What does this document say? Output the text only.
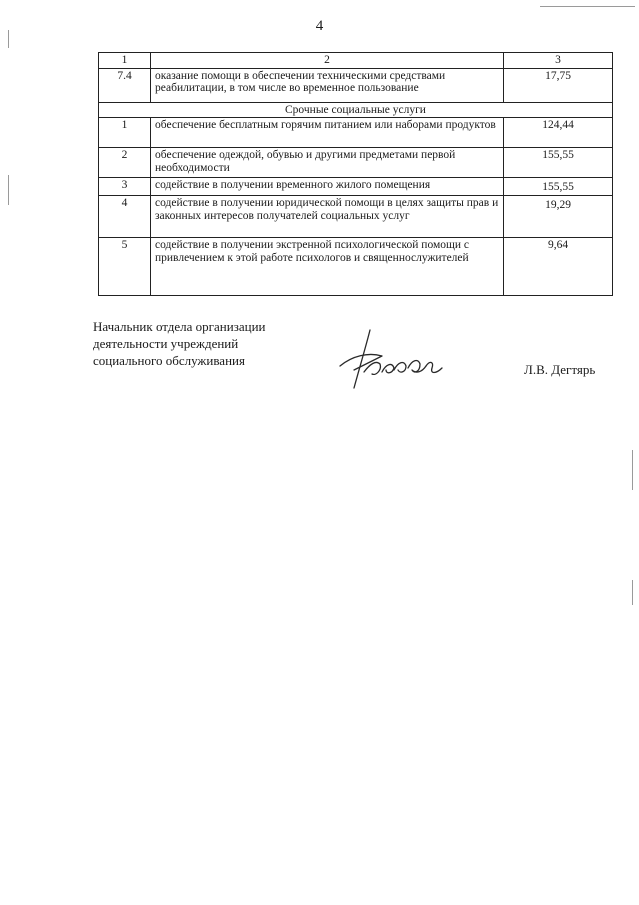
4
1	2	3
7.4	оказание помощи в обеспечении техническими средствами реабилитации, в том числе во временное пользование	17,75
Срочные социальные услуги		
1	обеспечение бесплатным горячим питанием или наборами продуктов	124,44
2	обеспечение одеждой, обувью и другими предметами первой необходимости	155,55
3	содействие в получении временного жилого помещения	155,55
4	содействие в получении юридической помощи в целях защиты прав и законных интересов получателей социальных услуг	19,29
5	содействие в получении экстренной психологической помощи с привлечением к этой работе психологов и священнослужителей	9,64
Начальник отдела организации
деятельности учреждений
социального обслуживания
Л.В. Дегтярь
